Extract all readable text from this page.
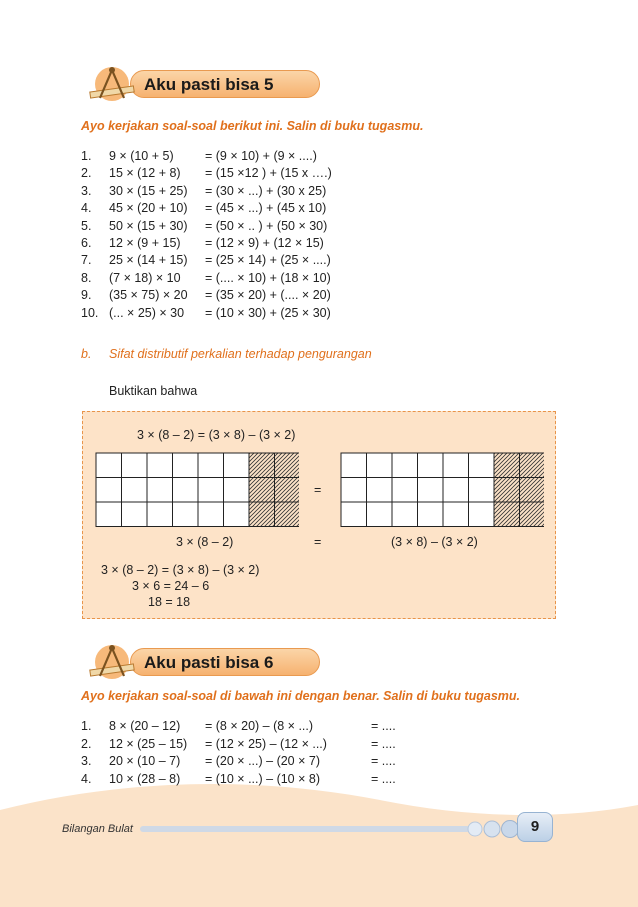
Aku pasti bisa 5
Ayo kerjakan soal-soal berikut ini. Salin di buku tugasmu.
1. 9 × (10 + 5)	= (9 × 10) + (9 × ....)
2. 15 × (12 + 8) = (15 ×12 ) + (15 x ….)
3. 30 × (15 + 25) = (30 × ...) + (30 x 25)
4. 45 × (20 + 10) = (45 × ...) + (45 x 10)
5. 50 × (15 + 30) = (50 × .. ) + (50 × 30)
6. 12 × (9 + 15) = (12 × 9) + (12 × 15)
7. 25 × (14 + 15) = (25 × 14) + (25 × ....)
8. (7 × 18) × 10 = (.... × 10) + (18 × 10)
9. (35 × 75) × 20 = (35 × 20) + (.... × 20)
10. (... × 25) × 30 = (10 × 30) + (25 × 30)
b. Sifat distributif perkalian terhadap pengurangan
Buktikan bahwa
3 × (8 – 2) = (3 × 8) – (3 × 2)
=
3 × (8 – 2)	=	(3 × 8) – (3 × 2)
3 × (8 – 2) = (3 × 8) – (3 × 2)
3 × 6 = 24 – 6
18 = 18
Aku pasti bisa 6
Ayo kerjakan soal-soal di bawah ini dengan benar. Salin di buku tugasmu.
1. 8 × (20 – 12) = (8 × 20) – (8 × ...)	= ....
2. 12 × (25 – 15) = (12 × 25) – (12 × ...)	= ....
3. 20 × (10 – 7) = (20 × ...) – (20 × 7)	= ....
4. 10 × (28 – 8) = (10 × ...) – (10 × 8)	= ....
Bilangan Bulat	9
